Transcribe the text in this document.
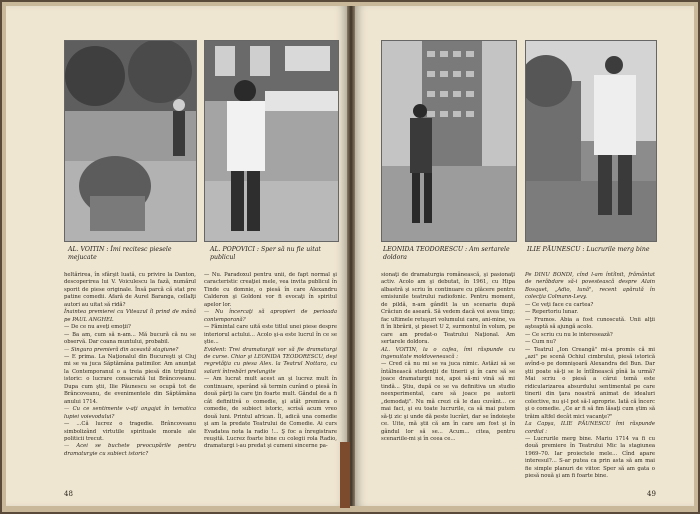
AL. VOITIN : Îmi recitesc piesele mejucate
AL. POPOVICI : Sper să nu fie uitat publicul

heltărirea, în sfârşit luată, cu privire la Danton, descoperirea lui V. Voiculescu la fază, numărul sporit de piese originale. Însă parcă că stat pre patine comedii. Afară de Aurel Baranga, cellalţi autori au uitat să ridă?

Înaintea premierei cu Viteazul îl prind de mână pe PAUL ANGHEL

— De ce nu aveţi emoţii?

— Ba am, cum să n-am... Mă bucură că nu se observă. Dar coana muntului, probabil.

— Singura premieră din această stagiune?

— E prima. La Naţionalul din Bucureşti şi Cluj mi se va juca Săptămâna patimilor. Am anunţat la Contemporanul o a treia piesă din triptinul istoric: o lucrare consacrată lui Brâncoveanu. Dupa cum ştii, Ilie Păunescu se ocupă tot de Brâncoveanu, de evenimentele din Săptămâna anului 1714.

— Cu ce sentimente v-aţi angajat în tematica lupiei voievodului?

— ...Că lucrez o tragedie. Brâncoveanu simbolizând virtutile spirituale morale ale politicii trecut.

— Acei se buchete preocupările pentru dramaturgie cu subiect istoric?

— Nu. Paradoxul pentru unii, de fapt normal şi caracteristic creaţiei mele, vea invita publicul în Tinde cu domnie, o piesă în care Alexandru Calderon şi Goldoni vor fi evocaţi în spiritul apelor lor.

— Nu încercaţi să apropieri de perioada contemporană?

— Fămintal care uită este titlul unei piese despre interiorul actului... Acolo şi-a este lucrul în ce se ştie...

Evident: Trei dramaturgii vor să fie dramaturgi de curse. Chiar şi LEONIDA TEODORESCU, deşi regretăţia cu piesa Alex. la Teatrul Nottara, cu salarii întrebări prelungite

— Am lucrat mult acest an şi lucrez mult în continuare, sperând să termin curând o piesă în două părţi la care ţin foarte mult. Gândul de a fi cât definitivă o comedie, şi atât premiera o comedie, de subiect istoric, scrisă acum vreo două luni. Printul african. Îl, adică una comedie şi am la predate Teatrului de Comedie. Ai curs Evadatea nota la radio !... Ş foc a înregistrare reuşită. Lucrez foarte bine cu colegii rola Radio, dramaturgi i-au predat şi cumeni sincerne pa-

48
LEONIDA TEODORESCU : Am sertarele doldora
ILIE PĂUNESCU : Lucrurile merg bine

sionaţi de dramaturgia românească, şi pasionaţi activ. Acolo am şi debutat, în 1961, cu Hipa albastră şi scriu în continuare cu plăcere pentru emisiunile teatrului radiofonic. Pentru moment, de pildă, n-am gândit la un scenariu după Crăciun de aseară. Să vedem dacă voi avea timp; fac ultimele retuşuri volumului care, ani-mine, va fi în librării, şi pieset U 2, surmontul în volum, pe care am predat-o Teatrului Naţional. Am sertarele doldora.

AL. VOITIN, la o cafea, îmi răspunde cu ingenuitate moldovenească :

— Cred că nu mi se va juca nimic. Astăzi să se întâlnească studenţii de tinerii şi în care să se joace dramaturgii noi, apoi să-mi vină să mi tindă... Ştiu, după ce se va definitiva un studio neexperimental, care să joace pe autorii „demodaţi". Nu mă crezi că le dau cuvânt... ce mai faci, şi eu toate lucrurile, ca să mai putem să-ţi zic şi unde dă peste lucrări, dar se îndoieşte ce. Uite, mă ştii că am în care am fost şi în gândul lor să se... Acum... citea, pentru scenariile-mi și în ceea ce...

Pe DINU BONDI, cînd l-am întîlnit, frământat de nerăbdare să-i povestească despre Alain Bosquet, „Adio, lună", recent apărută în colecţia Colmann-Levy.

— Ce veţi face cu cartea?

— Repertoriu lunar.

— Frumos. Abia a fost cunoscută. Unii alţii aşteaptă să ajungă acolo.

— Ce scriu cu nu le interesează?

— Cum nu?

— Teatrul „Ion Creangă" mi-a promis că mi „azi" pe scenă Ochiul cimbrului, piesă istorică avînd-o pe domnişoară Alexandra del Bun. Dar ştii poate să-ţi se le întîlnească pînă la urmă? Mai scriu o piesă a cărui temă este ridicularizarea absurdului sentimental pe care tinerii din ţara noastră animat de idealuri colective, nu şi-l pot să-l aproprie. Iată că încerc şi o comedie. „Ce ar fi să fim lăsaţi cum ştim să trăim altfel decât mici vacanţe?"

La Capşa, ILIE PĂUNESCU îmi răspunde cordial :

— Lucrurile merg bine. Mariu 1714 va fi cu două premiere în Teatrului Mic la stagiunea 1969–70. Iar proiectele mele... Cînd apare interesul?... S-ar putea ca prin asta să am mai fie simple planuri de viitor. Sper să am gata o piesă nouă şi am fi foarte bine.

49
